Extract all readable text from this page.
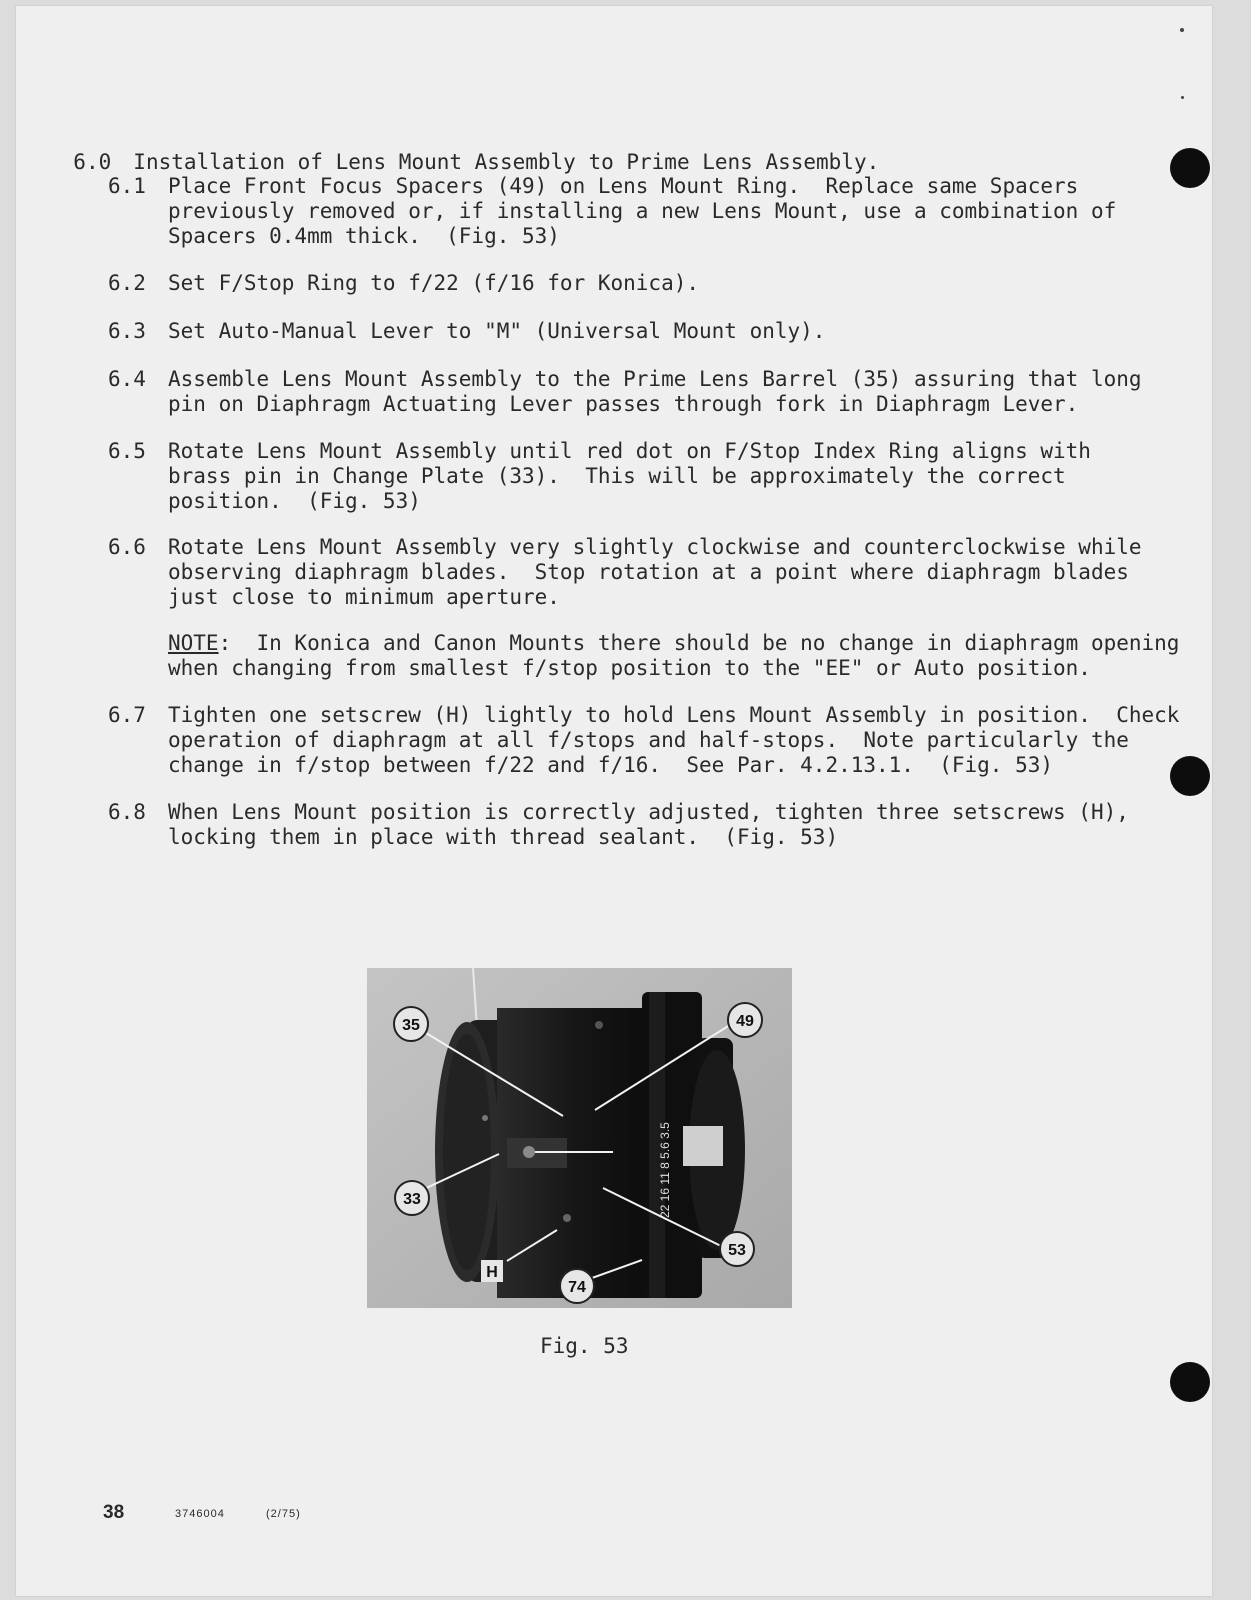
6.0 Installation of Lens Mount Assembly to Prime Lens Assembly.

6.1	Place Front Focus Spacers (49) on Lens Mount Ring.  Replace same Spacers
previously removed or, if installing a new Lens Mount, use a combination of
Spacers 0.4mm thick.  (Fig. 53)
6.2	Set F/Stop Ring to f/22 (f/16 for Konica).
6.3	Set Auto-Manual Lever to "M" (Universal Mount only).
6.4	Assemble Lens Mount Assembly to the Prime Lens Barrel (35) assuring that long
pin on Diaphragm Actuating Lever passes through fork in Diaphragm Lever.
6.5	Rotate Lens Mount Assembly until red dot on F/Stop Index Ring aligns with
brass pin in Change Plate (33).  This will be approximately the correct
position.  (Fig. 53)
6.6	Rotate Lens Mount Assembly very slightly clockwise and counterclockwise while
observing diaphragm blades.  Stop rotation at a point where diaphragm blades
just close to minimum aperture.
NOTE:  In Konica and Canon Mounts there should be no change in diaphragm opening
when changing from smallest f/stop position to the "EE" or Auto position.
6.7	Tighten one setscrew (H) lightly to hold Lens Mount Assembly in position.  Check
operation of diaphragm at all f/stops and half-stops.  Note particularly the
change in f/stop between f/22 and f/16.  See Par. 4.2.13.1.  (Fig. 53)
6.8	When Lens Mount position is correctly adjusted, tighten three setscrews (H),
locking them in place with thread sealant.  (Fig. 53)
22 16 11 8 5.6 3.5
35	49
33
53
74
H
Fig. 53
38	3746004	(2/75)
